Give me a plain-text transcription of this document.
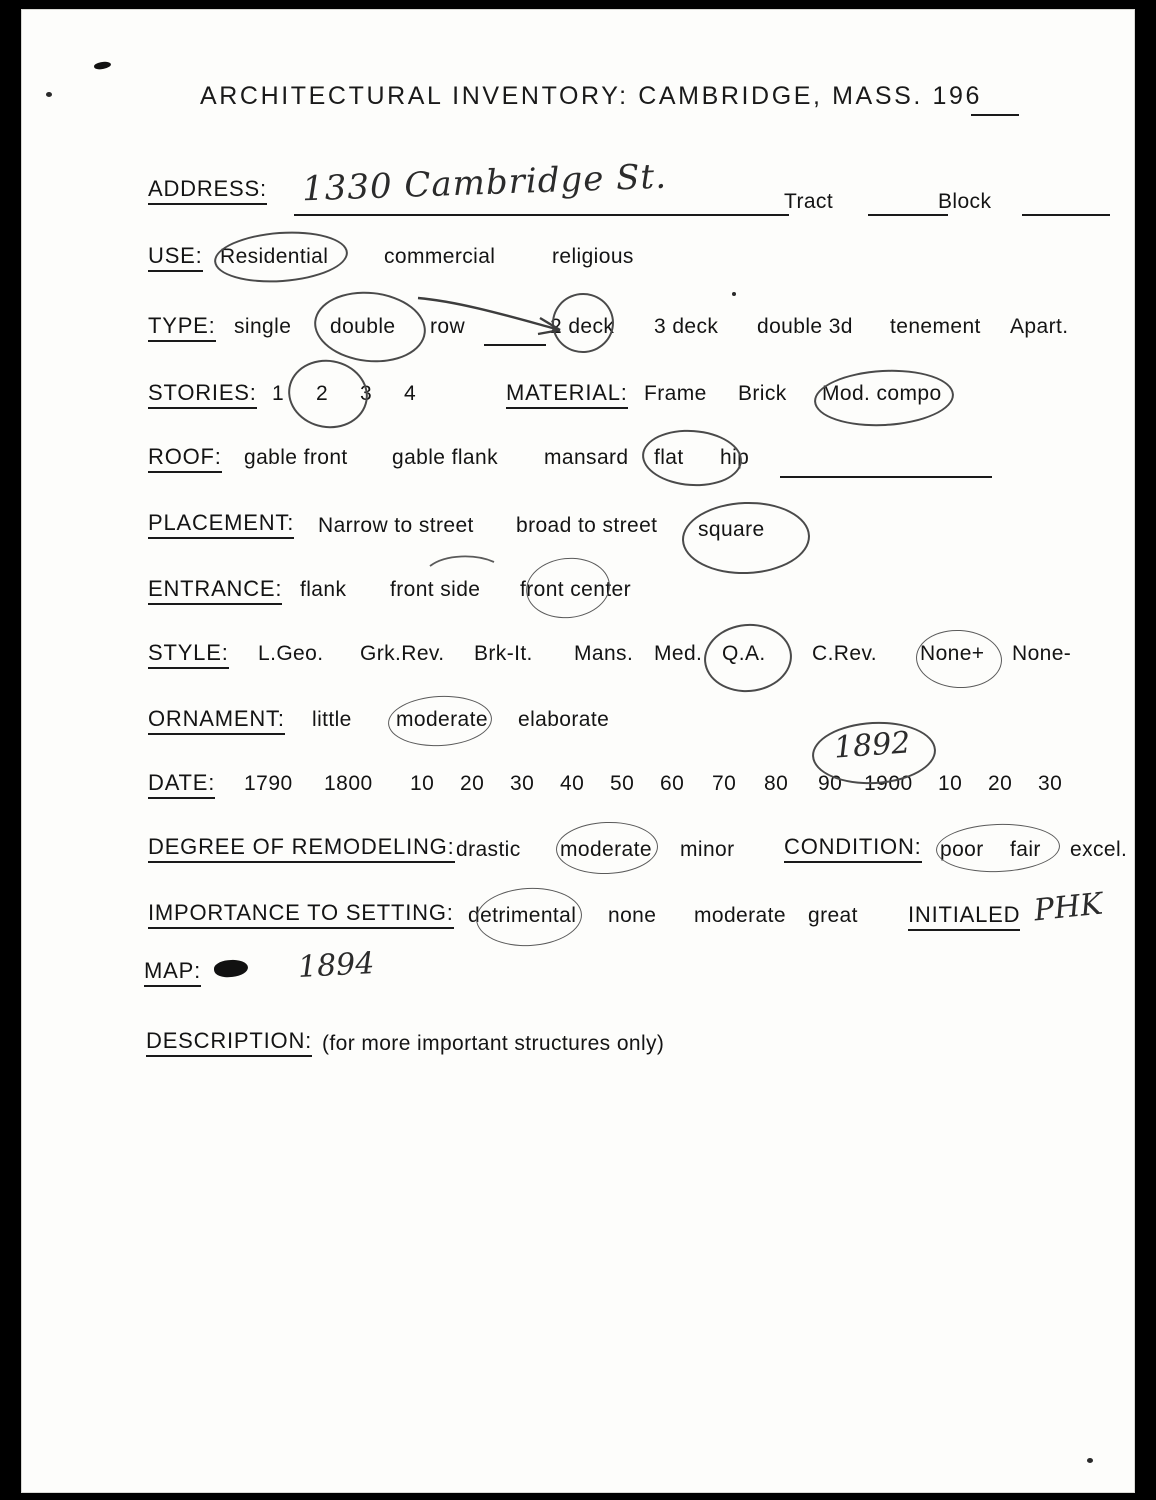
ARCHITECTURAL INVENTORY: CAMBRIDGE, MASS. 196
ADDRESS: 1330 Cambridge St.	Tract	Block
USE: Residential	commercial	religious
TYPE: single double row	2 deck 3 deck double 3d tenement Apart.
STORIES: 1 2 3 4	MATERIAL: Frame Brick Mod. compo
ROOF: gable front gable flank mansard flat hip
PLACEMENT: Narrow to street broad to street square
ENTRANCE: flank front side front center
STYLE: L.Geo. Grk.Rev. Brk-It. Mans. Med. Q.A. C.Rev. None+ None-
ORNAMENT: little moderate elaborate
DATE: 1790 1800 10 20 30 40 50 60 70 80 90 1900 10 20 30
1892
DEGREE OF REMODELING: drastic moderate minor CONDITION: poor fair excel.
IMPORTANCE TO SETTING: detrimental none moderate great INITIALED PHK
MAP:	1894
DESCRIPTION: (for more important structures only)
